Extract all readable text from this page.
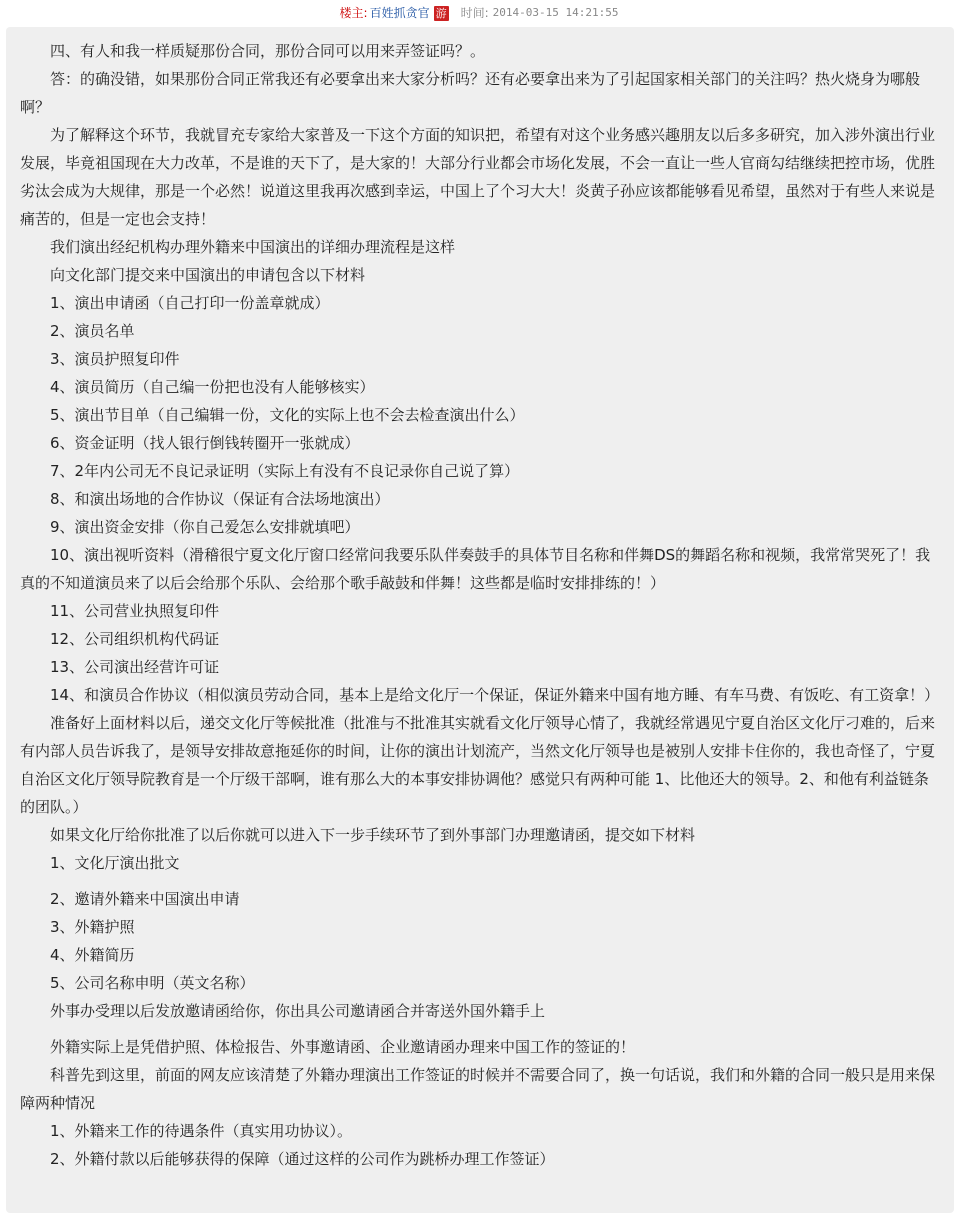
楼主: 百姓抓贪官 游 时间: 2014-03-15 14:21:55

四、有人和我一样质疑那份合同，那份合同可以用来弄签证吗？。

答：的确没错，如果那份合同正常我还有必要拿出来大家分析吗？还有必要拿出来为了引起国家相关部门的关注吗？热火烧身为哪般啊？

为了解释这个环节，我就冒充专家给大家普及一下这个方面的知识把，希望有对这个业务感兴趣朋友以后多多研究，加入涉外演出行业发展，毕竟祖国现在大力改革，不是谁的天下了，是大家的！大部分行业都会市场化发展，不会一直让一些人官商勾结继续把控市场，优胜劣汰会成为大规律，那是一个必然！说道这里我再次感到幸运，中国上了个习大大！炎黄子孙应该都能够看见希望，虽然对于有些人来说是痛苦的，但是一定也会支持！

我们演出经纪机构办理外籍来中国演出的详细办理流程是这样

向文化部门提交来中国演出的申请包含以下材料

1、演出申请函（自己打印一份盖章就成）

2、演员名单

3、演员护照复印件

4、演员简历（自己编一份把也没有人能够核实）

5、演出节目单（自己编辑一份，文化的实际上也不会去检查演出什么）

6、资金证明（找人银行倒钱转圈开一张就成）

7、2年内公司无不良记录证明（实际上有没有不良记录你自己说了算）

8、和演出场地的合作协议（保证有合法场地演出）

9、演出资金安排（你自己爱怎么安排就填吧）

10、演出视听资料（滑稽很宁夏文化厅窗口经常问我要乐队伴奏鼓手的具体节目名称和伴舞DS的舞蹈名称和视频，我常常哭死了！我真的不知道演员来了以后会给那个乐队、会给那个歌手敲鼓和伴舞！这些都是临时安排排练的！）

11、公司营业执照复印件

12、公司组织机构代码证

13、公司演出经营许可证

14、和演员合作协议（相似演员劳动合同，基本上是给文化厅一个保证，保证外籍来中国有地方睡、有车马费、有饭吃、有工资拿！）

准备好上面材料以后，递交文化厅等候批准（批准与不批准其实就看文化厅领导心情了，我就经常遇见宁夏自治区文化厅刁难的，后来有内部人员告诉我了，是领导安排故意拖延你的时间，让你的演出计划流产，当然文化厅领导也是被别人安排卡住你的，我也奇怪了，宁夏自治区文化厅领导院教育是一个厅级干部啊，谁有那么大的本事安排协调他？感觉只有两种可能 1、比他还大的领导。2、和他有利益链条的团队。）

如果文化厅给你批准了以后你就可以进入下一步手续环节了到外事部门办理邀请函，提交如下材料

1、文化厅演出批文

2、邀请外籍来中国演出申请

3、外籍护照

4、外籍简历

5、公司名称申明（英文名称）

外事办受理以后发放邀请函给你，你出具公司邀请函合并寄送外国外籍手上

外籍实际上是凭借护照、体检报告、外事邀请函、企业邀请函办理来中国工作的签证的！

科普先到这里，前面的网友应该清楚了外籍办理演出工作签证的时候并不需要合同了，换一句话说，我们和外籍的合同一般只是用来保障两种情况

1、外籍来工作的待遇条件（真实用功协议）。

2、外籍付款以后能够获得的保障（通过这样的公司作为跳桥办理工作签证）
